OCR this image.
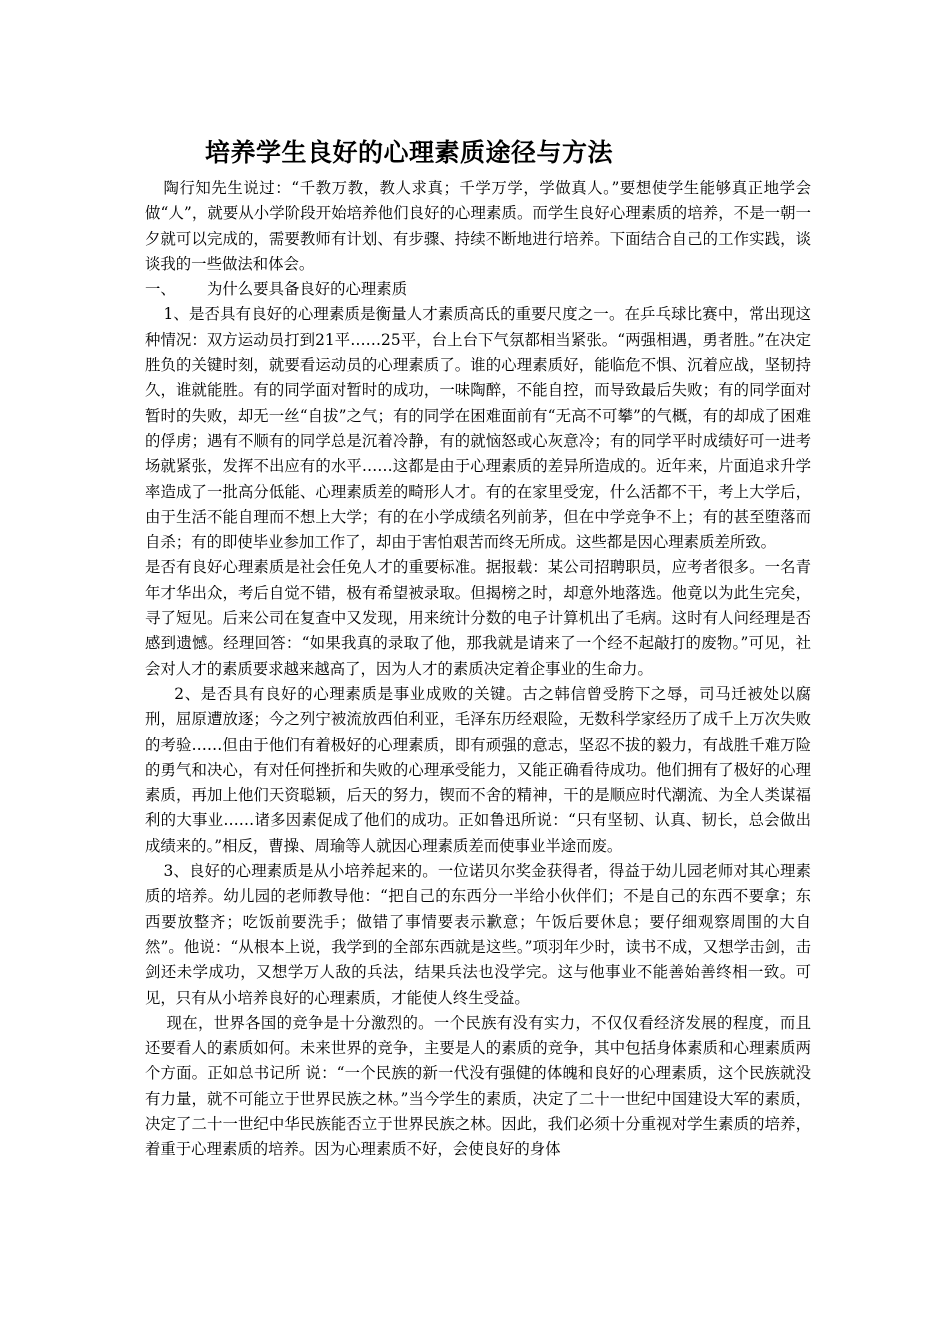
培养学生良好的心理素质途径与方法

陶行知先生说过：“千教万教，教人求真；千学万学，学做真人。”要想使学生能够真正地学会做“人”，就要从小学阶段开始培养他们良好的心理素质。而学生良好心理素质的培养，不是一朝一夕就可以完成的，需要教师有计划、有步骤、持续不断地进行培养。下面结合自己的工作实践，谈谈我的一些做法和体会。

一、	为什么要具备良好的心理素质

1、是否具有良好的心理素质是衡量人才素质高氐的重要尺度之一。在乒乓球比赛中，常出现这种情况：双方运动员打到21平……25平，台上台下气氛都相当紧张。“两强相遇，勇者胜。”在决定胜负的关键时刻，就要看运动员的心理素质了。谁的心理素质好，能临危不惧、沉着应战，坚韧持久，谁就能胜。有的同学面对暂时的成功，一味陶醉，不能自控，而导致最后失败；有的同学面对暂时的失败，却无一丝“自拔”之气；有的同学在困难面前有“无高不可攀”的气概，有的却成了困难的俘虏；遇有不顺有的同学总是沉着冷静，有的就恼怒或心灰意冷；有的同学平时成绩好可一进考场就紧张，发挥不出应有的水平……这都是由于心理素质的差异所造成的。近年来，片面追求升学率造成了一批高分低能、心理素质差的畸形人才。有的在家里受宠，什么活都不干，考上大学后，由于生活不能自理而不想上大学；有的在小学成绩名列前茅，但在中学竞争不上；有的甚至堕落而自杀；有的即使毕业参加工作了，却由于害怕艰苦而终无所成。这些都是因心理素质差所致。

是否有良好心理素质是社会任免人才的重要标准。据报载：某公司招聘职员，应考者很多。一名青年才华出众，考后自觉不错，极有希望被录取。但揭榜之时，却意外地落选。他竟以为此生完矣，寻了短见。后来公司在复查中又发现，用来统计分数的电子计算机出了毛病。这时有人问经理是否感到遗憾。经理回答：“如果我真的录取了他，那我就是请来了一个经不起敲打的废物。”可见，社会对人才的素质要求越来越高了，因为人才的素质决定着企事业的生命力。

2、是否具有良好的心理素质是事业成败的关键。古之韩信曾受胯下之辱，司马迁被处以腐刑，屈原遭放逐；今之列宁被流放西伯利亚，毛泽东历经艰险，无数科学家经历了成千上万次失败的考验……但由于他们有着极好的心理素质，即有顽强的意志，坚忍不拔的毅力，有战胜千难万险的勇气和决心，有对任何挫折和失败的心理承受能力，又能正确看待成功。他们拥有了极好的心理素质，再加上他们天资聪颖，后天的努力，锲而不舍的精神，干的是顺应时代潮流、为全人类谋福利的大事业……诸多因素促成了他们的成功。正如鲁迅所说：“只有坚韧、认真、韧长，总会做出成绩来的。”相反，曹操、周瑜等人就因心理素质差而使事业半途而废。

3、良好的心理素质是从小培养起来的。一位诺贝尔奖金获得者，得益于幼儿园老师对其心理素质的培养。幼儿园的老师教导他：“把自己的东西分一半给小伙伴们；不是自己的东西不要拿；东西要放整齐；吃饭前要洗手；做错了事情要表示歉意；午饭后要休息；要仔细观察周围的大自然”。他说：“从根本上说，我学到的全部东西就是这些。”项羽年少时，读书不成，又想学击剑，击剑还未学成功，又想学万人敌的兵法，结果兵法也没学完。这与他事业不能善始善终相一致。可见，只有从小培养良好的心理素质，才能使人终生受益。

现在，世界各国的竞争是十分激烈的。一个民族有没有实力，不仅仅看经济发展的程度，而且还要看人的素质如何。未来世界的竞争，主要是人的素质的竞争，其中包括身体素质和心理素质两个方面。正如总书记所 说：“一个民族的新一代没有强健的体魄和良好的心理素质，这个民族就没有力量，就不可能立于世界民族之林。”当今学生的素质，决定了二十一世纪中国建设大军的素质，决定了二十一世纪中华民族能否立于世界民族之林。因此，我们必须十分重视对学生素质的培养，着重于心理素质的培养。因为心理素质不好，会使良好的身体
